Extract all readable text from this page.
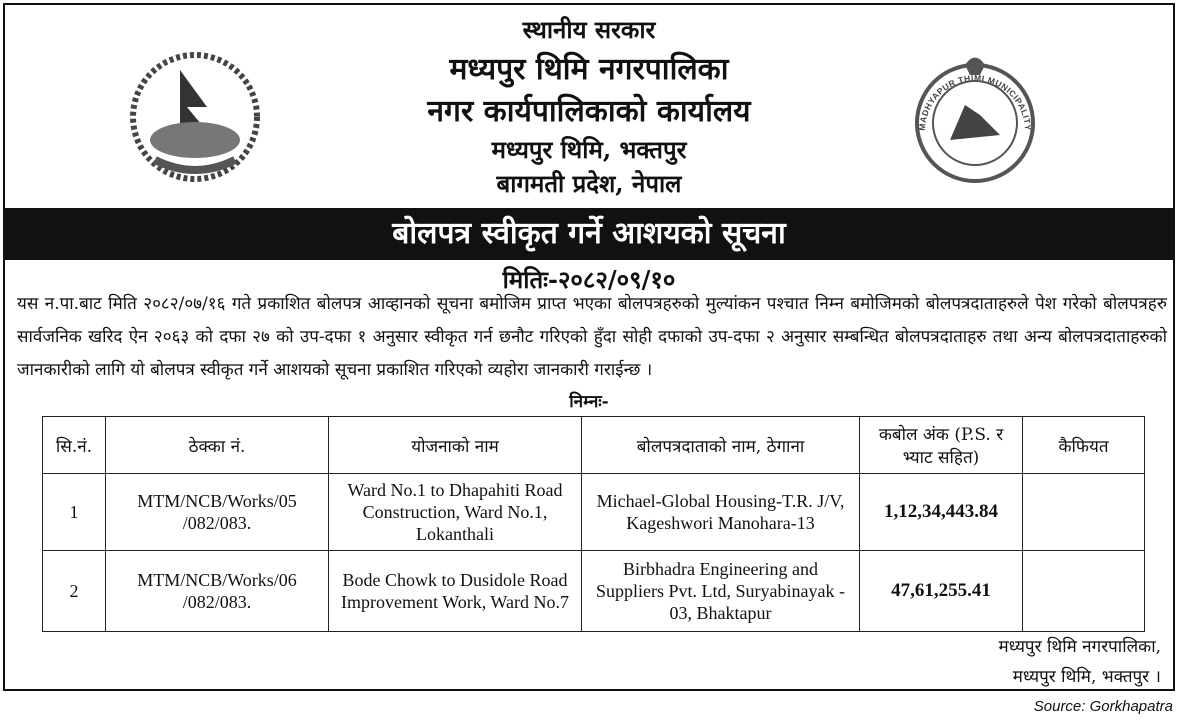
MADHYAPUR THIMI MUNICIPALITY
स्थानीय सरकार
मध्यपुर थिमि नगरपालिका
नगर कार्यपालिकाको कार्यालय
मध्यपुर थिमि, भक्तपुर
बागमती प्रदेश, नेपाल
बोलपत्र स्वीकृत गर्ने आशयको सूचना
मितिः-२०८२/०९/१०
यस न.पा.बाट मिति २०८२/०७/१६ गते प्रकाशित बोलपत्र आव्हानको सूचना बमोजिम प्राप्त भएका बोलपत्रहरुको मुल्यांकन पश्चात निम्न बमोजिमको बोलपत्रदाताहरुले पेश गरेको बोलपत्रहरु सार्वजनिक खरिद ऐन २०६३ को दफा २७ को उप-दफा १ अनुसार स्वीकृत गर्न छनौट गरिएको हुँदा सोही दफाको उप-दफा २ अनुसार सम्बन्धित बोलपत्रदाताहरु तथा अन्य बोलपत्रदाताहरुको जानकारीको लागि यो बोलपत्र स्वीकृत गर्ने आशयको सूचना प्रकाशित गरिएको व्यहोरा जानकारी गराईन्छ ।
निम्नः-
सि.नं.	ठेक्का नं.	योजनाको नाम	बोलपत्रदाताको नाम, ठेगाना	कबोल अंक (P.S. र भ्याट सहित)	कैफियत
1	MTM/NCB/Works/05 /082/083.	Ward No.1 to Dhapahiti Road Construction, Ward No.1, Lokanthali	Michael-Global Housing-T.R. J/V, Kageshwori Manohara-13	1,12,34,443.84	
2	MTM/NCB/Works/06 /082/083.	Bode Chowk to Dusidole Road Improvement Work, Ward No.7	Birbhadra Engineering and Suppliers Pvt. Ltd, Suryabinayak - 03, Bhaktapur	47,61,255.41	
मध्यपुर थिमि नगरपालिका,
मध्यपुर थिमि, भक्तपुर ।
Source: Gorkhapatra
